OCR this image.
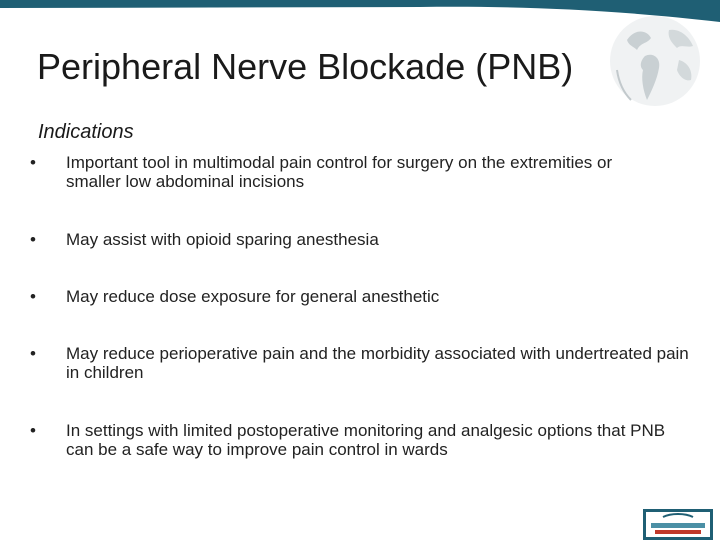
Peripheral Nerve Blockade (PNB)
Indications
• Important tool in multimodal pain control for surgery on the extremities or smaller low abdominal incisions
• May assist with opioid sparing anesthesia
• May reduce dose exposure for general anesthetic
• May reduce perioperative pain and the morbidity associated with undertreated pain in children
• In settings with limited postoperative monitoring and analgesic options that PNB can be a safe way to improve pain control in wards
